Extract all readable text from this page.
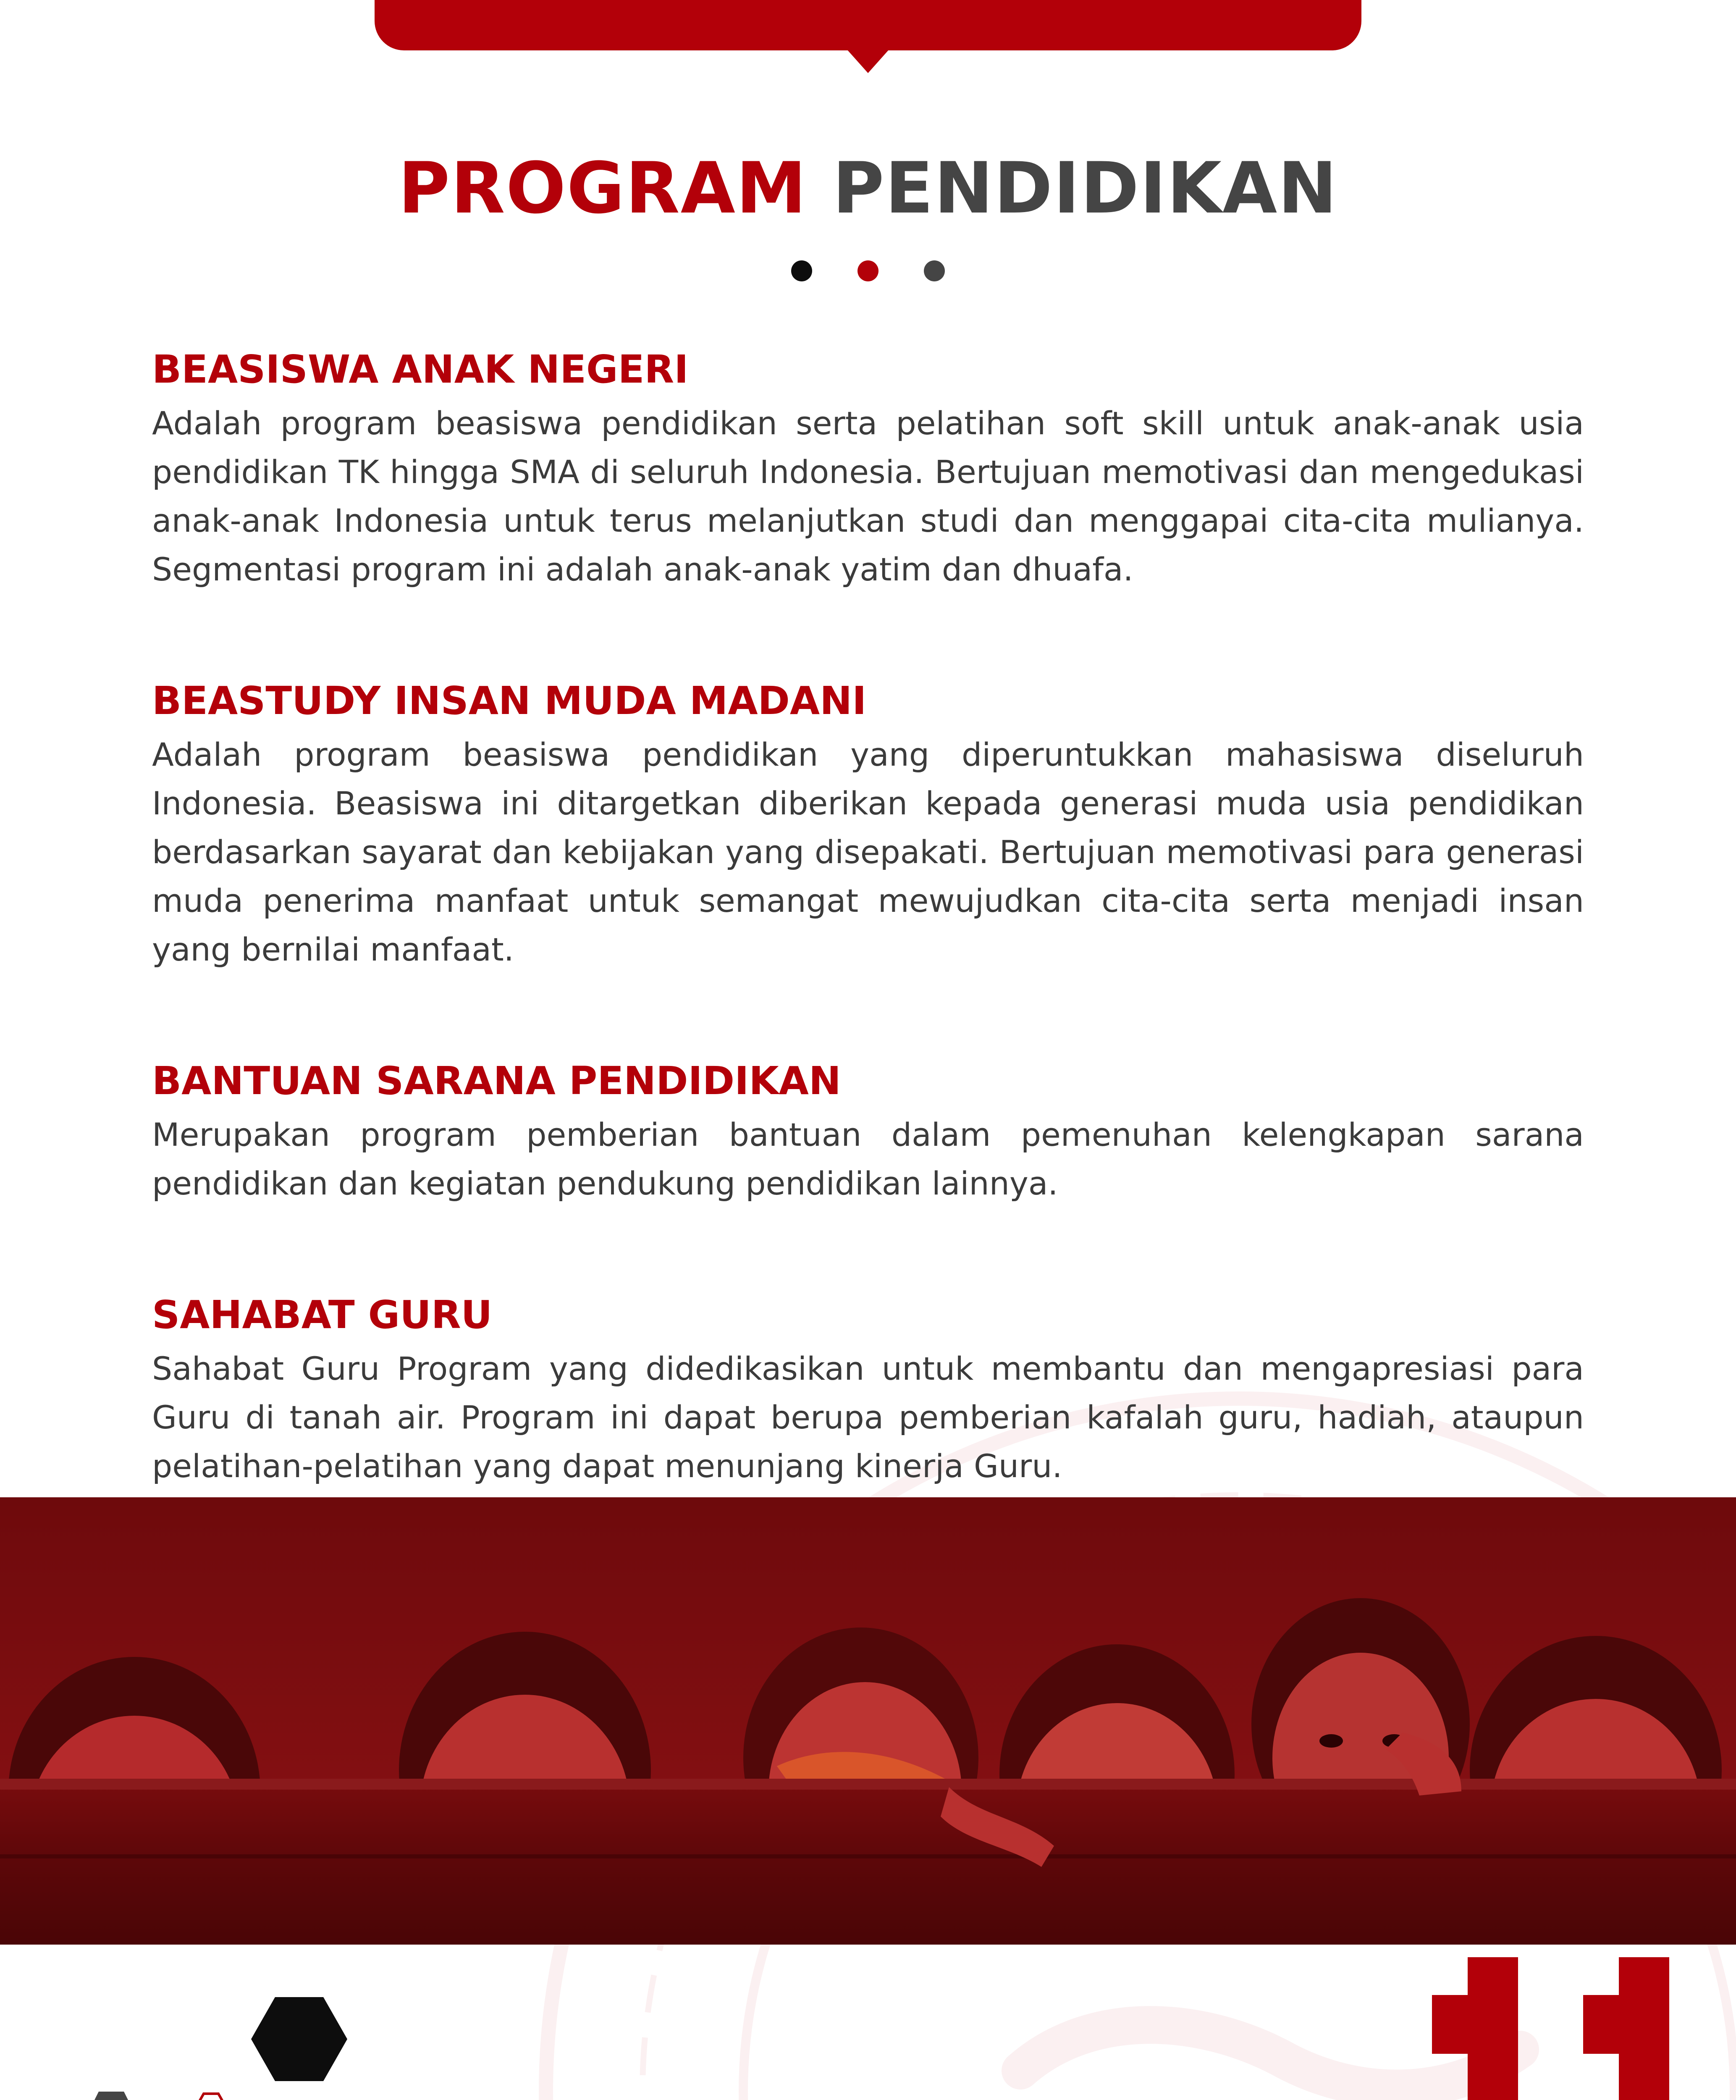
PROGRAM PENDIDIKAN
BEASISWA ANAK NEGERI

Adalah program beasiswa pendidikan serta pelatihan soft skill untuk anak-anak usia pendidikan TK hingga SMA di seluruh Indonesia. Bertujuan memotivasi dan mengedukasi anak-anak Indonesia untuk terus melanjutkan studi dan menggapai cita-cita mulianya. Segmentasi program ini adalah anak-anak yatim dan dhuafa.

BEASTUDY INSAN MUDA MADANI

Adalah program beasiswa pendidikan yang diperuntukkan mahasiswa diseluruh Indonesia. Beasiswa ini ditargetkan diberikan kepada generasi muda usia pendidikan berdasarkan sayarat dan kebijakan yang disepakati. Bertujuan memotivasi para generasi muda penerima manfaat untuk semangat mewujudkan cita-cita serta menjadi insan yang bernilai manfaat.

BANTUAN SARANA PENDIDIKAN

Merupakan program pemberian bantuan dalam pemenuhan kelengkapan sarana pendidikan dan kegiatan pendukung pendidikan lainnya.

SAHABAT GURU

Sahabat Guru Program yang didedikasikan untuk membantu dan mengapresiasi para Guru di tanah air. Program ini dapat berupa pemberian kafalah guru, hadiah, ataupun pelatihan-pelatihan yang dapat menunjang kinerja Guru.
